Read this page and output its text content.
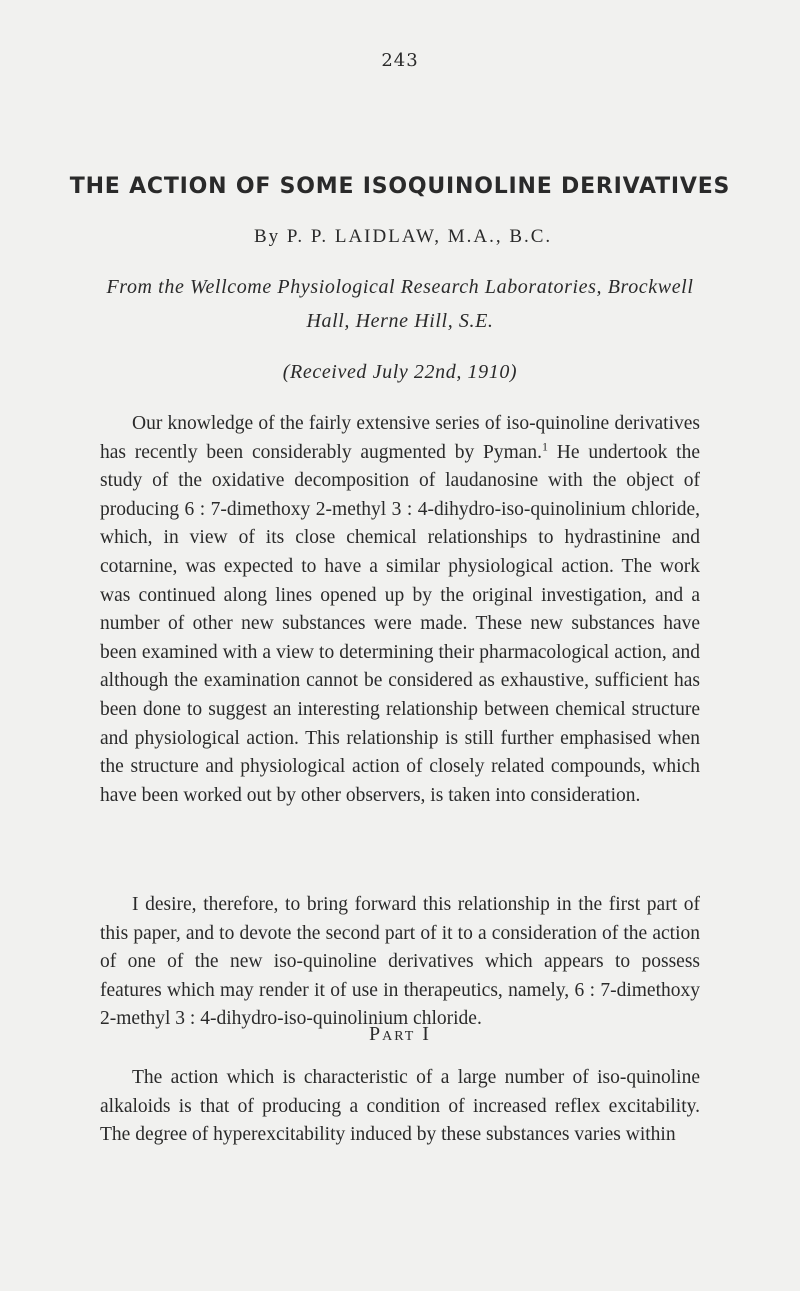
243
THE ACTION OF SOME ISOQUINOLINE DERIVATIVES
By P. P. LAIDLAW, M.A., B.C.
From the Wellcome Physiological Research Laboratories, Brockwell
Hall, Herne Hill, S.E.
(Received July 22nd, 1910)

Our knowledge of the fairly extensive series of iso-quinoline derivatives has recently been considerably augmented by Pyman.$^1$ He undertook the study of the oxidative decomposition of laudanosine with the object of producing 6 : 7-dimethoxy 2-methyl 3 : 4-dihydro-iso-quinolinium chloride, which, in view of its close chemical relationships to hydrastinine and cotarnine, was expected to have a similar physiological action. The work was continued along lines opened up by the original investigation, and a number of other new substances were made. These new substances have been examined with a view to determining their pharmacological action, and although the examination cannot be considered as exhaustive, sufficient has been done to suggest an interesting relationship between chemical structure and physiological action. This relationship is still further emphasised when the structure and physiological action of closely related compounds, which have been worked out by other observers, is taken into consideration.

I desire, therefore, to bring forward this relationship in the first part of this paper, and to devote the second part of it to a consideration of the action of one of the new iso-quinoline derivatives which appears to possess features which may render it of use in therapeutics, namely, 6 : 7-dimethoxy 2-methyl 3 : 4-dihydro-iso-quinolinium chloride.

Part I

The action which is characteristic of a large number of iso-quinoline alkaloids is that of producing a condition of increased reflex excitability. The degree of hyperexcitability induced by these substances varies within
